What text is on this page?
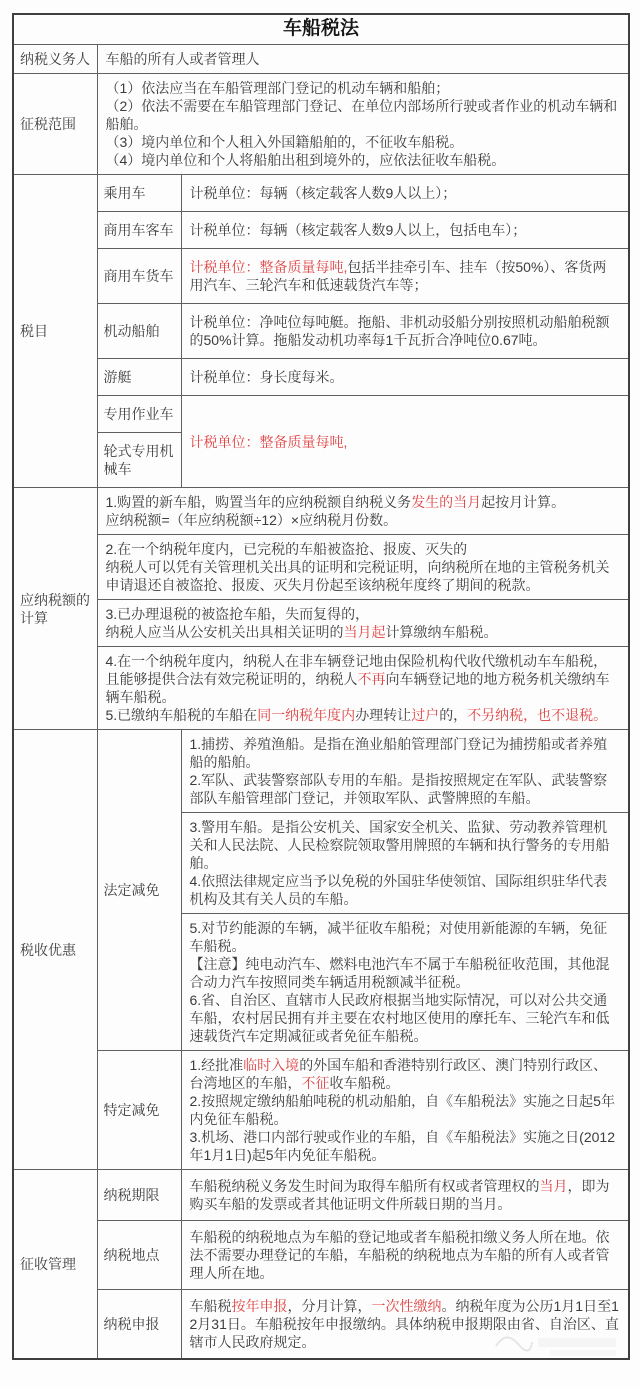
车船税法		
纳税义务人	车船的所有人或者管理人	

征税范围	（1）依法应当在车船管理部门登记的机动车辆和船舶；
（2）依法不需要在车船管理部门登记、在单位内部场所行驶或者作业的机动车辆和船舶。
（3）境内单位和个人租入外国籍船舶的，不征收车船税。
（4）境内单位和个人将船舶出租到境外的，应依法征收车船税。	

税目	乘用车	计税单位：每辆（核定载客人数9人以上）；

	商用车客车	计税单位：每辆（核定载客人数9人以上，包括电车）；

	商用车货车	计税单位：整备质量每吨,包括半挂牵引车、挂车（按50%）、客货两用汽车、三轮汽车和低速载货汽车等；

	机动船舶	计税单位：净吨位每吨艇。拖船、非机动驳船分别按照机动船舶税额的50%计算。拖船发动机功率每1千瓦折合净吨位0.67吨。

	游艇	计税单位：身长度每米。

	专用作业车	计税单位：整备质量每吨,

	轮式专用机械车	
应纳税额的计算	1.购置的新车船，购置当年的应纳税额自纳税义务发生的当月起按月计算。
应纳税额=（年应纳税额÷12）×应纳税月份数。	

	2.在一个纳税年度内，已完税的车船被盗抢、报废、灭失的
纳税人可以凭有关管理机关出具的证明和完税证明，向纳税所在地的主管税务机关申请退还自被盗抢、报废、灭失月份起至该纳税年度终了期间的税款。	

	3.已办理退税的被盗抢车船，失而复得的，
纳税人应当从公安机关出具相关证明的当月起计算缴纳车船税。	

	4.在一个纳税年度内，纳税人在非车辆登记地由保险机构代收代缴机动车车船税，且能够提供合法有效完税证明的，纳税人不再向车辆登记地的地方税务机关缴纳车辆车船税。
5.已缴纳车船税的车船在同一纳税年度内办理转让过户的，不另纳税，也不退税。	

税收优惠	法定减免	1.捕捞、养殖渔船。是指在渔业船舶管理部门登记为捕捞船或者养殖船的船舶。
2.军队、武装警察部队专用的车船。是指按照规定在军队、武装警察部队车船管理部门登记，并领取军队、武警牌照的车船。

		3.警用车船。是指公安机关、国家安全机关、监狱、劳动教养管理机关和人民法院、人民检察院领取警用牌照的车辆和执行警务的专用船舶。
4.依照法律规定应当予以免税的外国驻华使领馆、国际组织驻华代表机构及其有关人员的车船。

		5.对节约能源的车辆，减半征收车船税；对使用新能源的车辆，免征车船税。
【注意】纯电动汽车、燃料电池汽车不属于车船税征收范围，其他混合动力汽车按照同类车辆适用税额减半征税。
6.省、自治区、直辖市人民政府根据当地实际情况，可以对公共交通车船，农村居民拥有并主要在农村地区使用的摩托车、三轮汽车和低速载货汽车定期减征或者免征车船税。

	特定减免	1.经批准临时入境的外国车船和香港特别行政区、澳门特别行政区、台湾地区的车船，不征收车船税。
2.按照规定缴纳船舶吨税的机动船舶，自《车船税法》实施之日起5年内免征车船税。
3.机场、港口内部行驶或作业的车船，自《车船税法》实施之日(2012年1月1日)起5年内免征车船税。

征收管理	纳税期限	车船税纳税义务发生时间为取得车船所有权或者管理权的当月，即为购买车船的发票或者其他证明文件所载日期的当月。

	纳税地点	车船税的纳税地点为车船的登记地或者车船税扣缴义务人所在地。依法不需要办理登记的车船，车船税的纳税地点为车船的所有人或者管理人所在地。

	纳税申报	车船税按年申报，分月计算，一次性缴纳。纳税年度为公历1月1日至12月31日。车船税按年申报缴纳。具体纳税申报期限由省、自治区、直辖市人民政府规定。
